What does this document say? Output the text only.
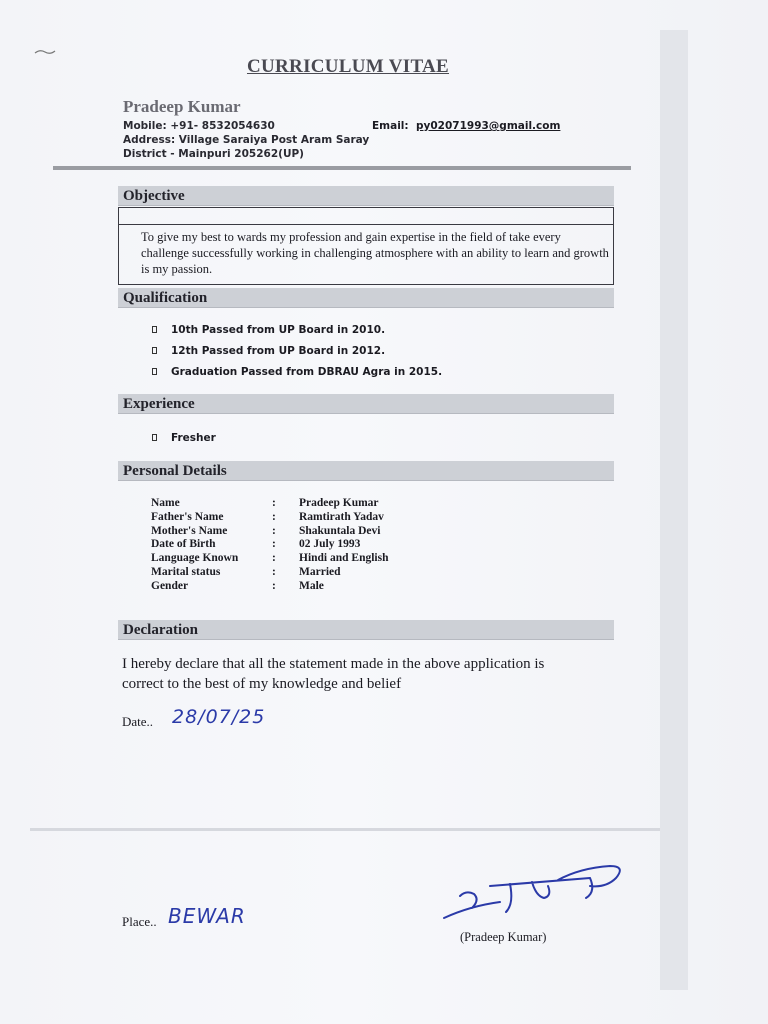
CURRICULUM VITAE
Pradeep Kumar
Mobile: +91- 8532054630	Email: py02071993@gmail.com
Address: Village Saraiya Post Aram Saray
District - Mainpuri 205262(UP)
Objective
To give my best to wards my profession and gain expertise in the field of take every challenge successfully working in challenging atmosphere with an ability to learn and growth is my passion.
Qualification
10th Passed from UP Board in 2010.
12th Passed from UP Board in 2012.
Graduation Passed from DBRAU Agra in 2015.
Experience
Fresher
Personal Details
Name	: Pradeep Kumar
Father's Name	: Ramtirath Yadav
Mother's Name	: Shakuntala Devi
Date of Birth	: 02 July 1993
Language Known	: Hindi and English
Marital status	: Married
Gender	: Male
Declaration
I hereby declare that all the statement made in the above application is correct to the best of my knowledge and belief
Date.. 28/07/25
Place.. BEWAR
(Pradeep Kumar)
